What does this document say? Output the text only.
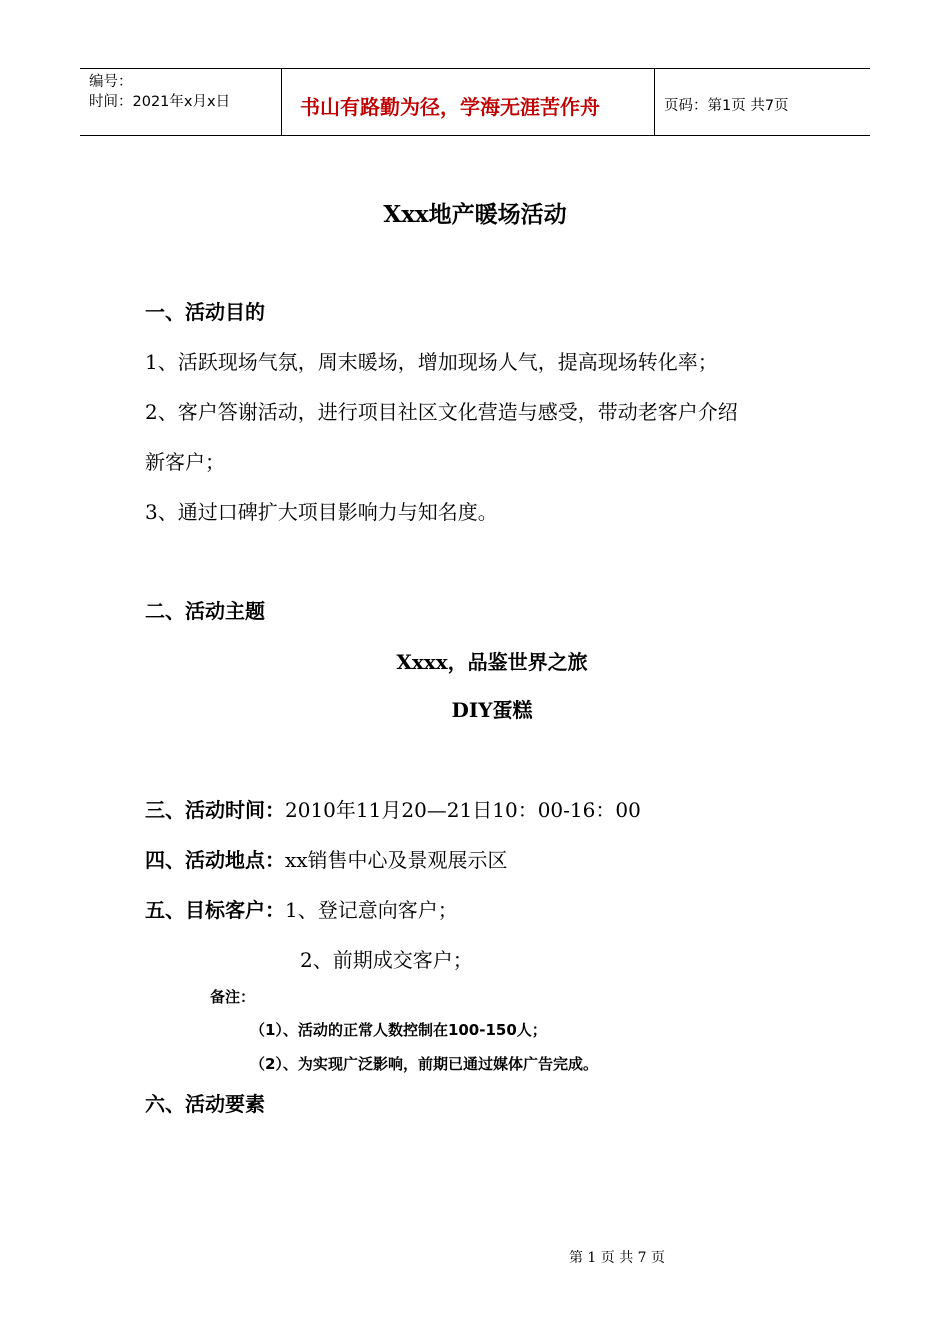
编号：
时间：2021年x月x日	书山有路勤为径，学海无涯苦作舟	页码：第1页 共7页
Xxx地产暖场活动
一、活动目的
1、活跃现场气氛，周末暖场，增加现场人气，提高现场转化率；
2、客户答谢活动，进行项目社区文化营造与感受，带动老客户介绍
新客户；
3、通过口碑扩大项目影响力与知名度。
二、活动主题
Xxxx，品鉴世界之旅
DIY蛋糕
三、活动时间：2010年11月20—21日10：00-16：00
四、活动地点：xx销售中心及景观展示区
五、目标客户：1、登记意向客户；
2、前期成交客户；
备注：
（1）、活动的正常人数控制在100-150人；
（2）、为实现广泛影响，前期已通过媒体广告完成。
六、活动要素
第 1 页 共 7 页
